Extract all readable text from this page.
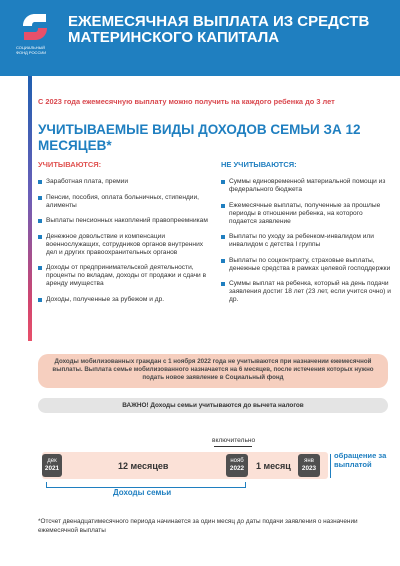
СОЦИАЛЬНЫЙ ФОНД РОССИИ
ЕЖЕМЕСЯЧНАЯ ВЫПЛАТА ИЗ СРЕДСТВ МАТЕРИНСКОГО КАПИТАЛА
С 2023 года ежемесячную выплату можно получить на каждого ребенка до 3 лет
УЧИТЫВАЕМЫЕ ВИДЫ ДОХОДОВ СЕМЬИ ЗА 12 МЕСЯЦЕВ*
УЧИТЫВАЮТСЯ:
Заработная плата, премии
Пенсии, пособия, оплата больничных, стипендии, алименты
Выплаты пенсионных накоплений правопреемникам
Денежное довольствие и компенсации военнослужащих, сотрудников органов внутренних дел и других правоохранительных органов
Доходы от предпринимательской деятельности, проценты по вкладам, доходы от продажи и сдачи в аренду имущества
Доходы, полученные за рубежом и др.
НЕ УЧИТЫВАЮТСЯ:
Суммы единовременной материальной помощи из федерального бюджета
Ежемесячные выплаты, полученные за прошлые периоды в отношении ребенка, на которого подается заявление
Выплаты по уходу за ребенком-инвалидом или инвалидом с детства I группы
Выплаты по соцконтракту, страховые выплаты, денежные средства в рамках целевой господдержки
Суммы выплат на ребенка, который на день подачи заявления достиг 18 лет (23 лет, если учится очно) и др.
Доходы мобилизованных граждан с 1 ноября 2022 года не учитываются при назначении ежемесячной выплаты. Выплата семье мобилизованного назначается на 6 месяцев, после истечения которых нужно подать новое заявление в Социальный фонд
ВАЖНО! Доходы семьи учитываются до вычета налогов
дек
2021
нояб
2022
янв
2023
12 месяцев	1 месяц
включительно
обращение за выплатой
Доходы семьи
*Отсчет двенадцатимесячного периода начинается за один месяц до даты подачи заявления о назначении ежемесячной выплаты
